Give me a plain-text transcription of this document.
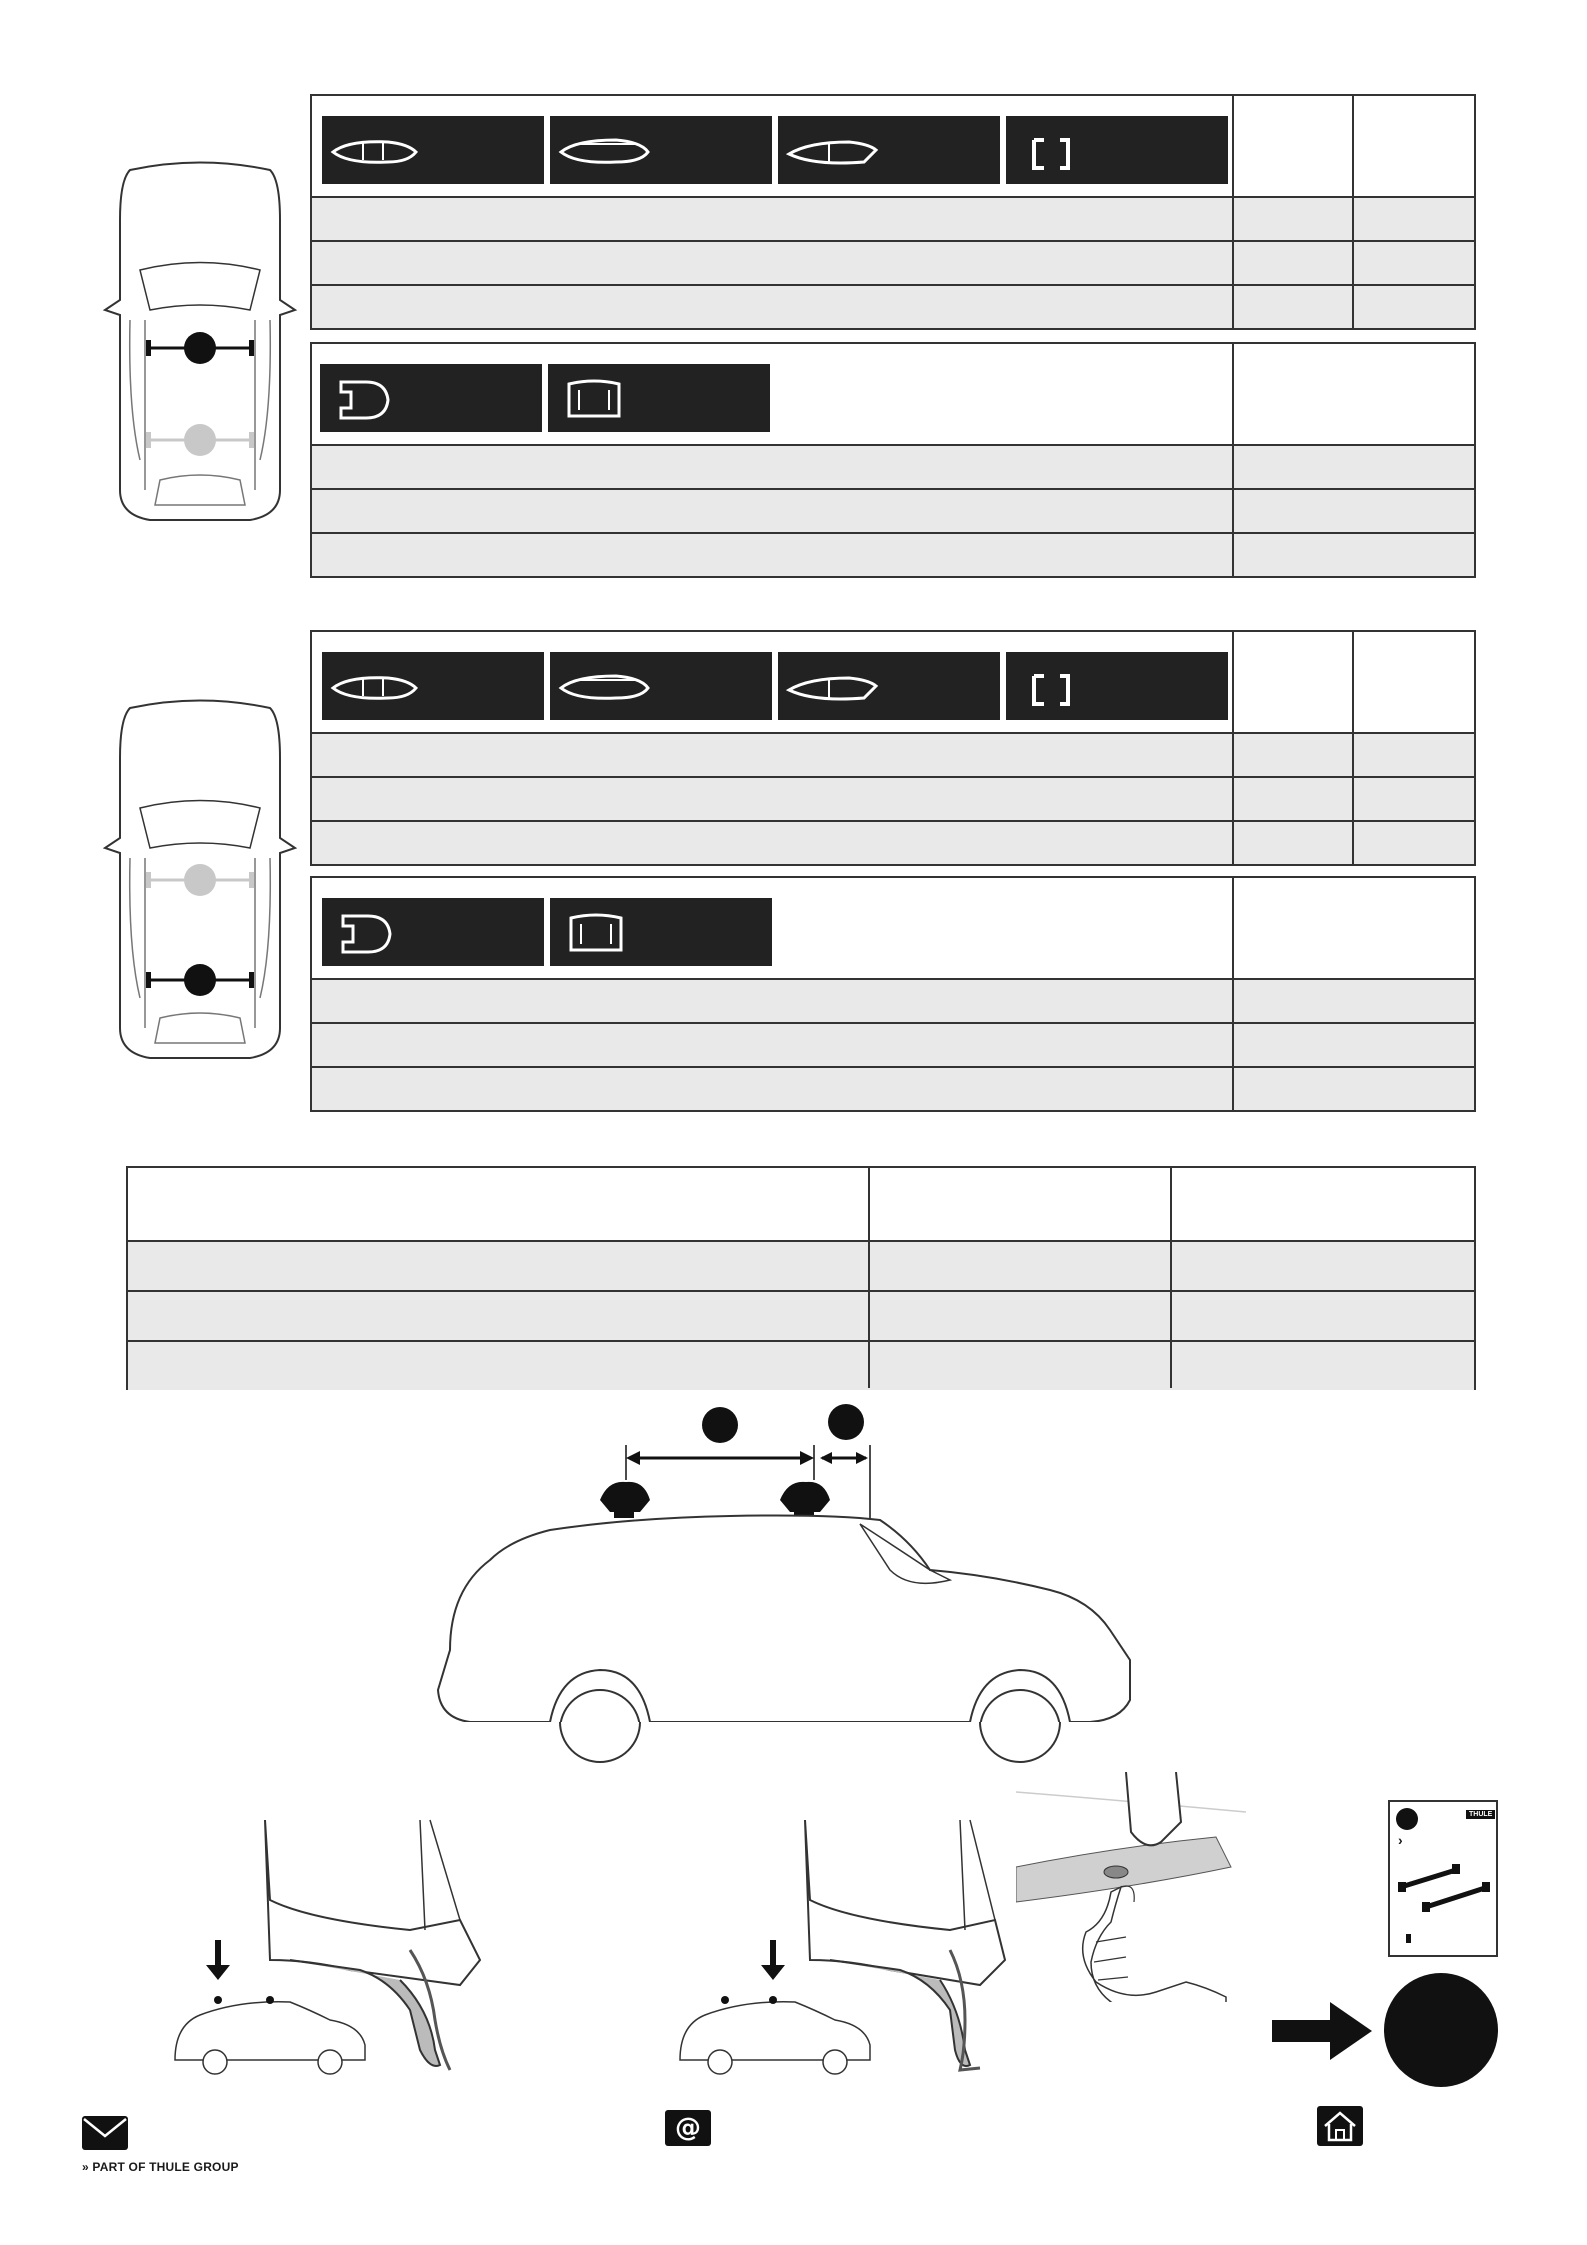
THULE
›
» PART OF THULE GROUP
@
